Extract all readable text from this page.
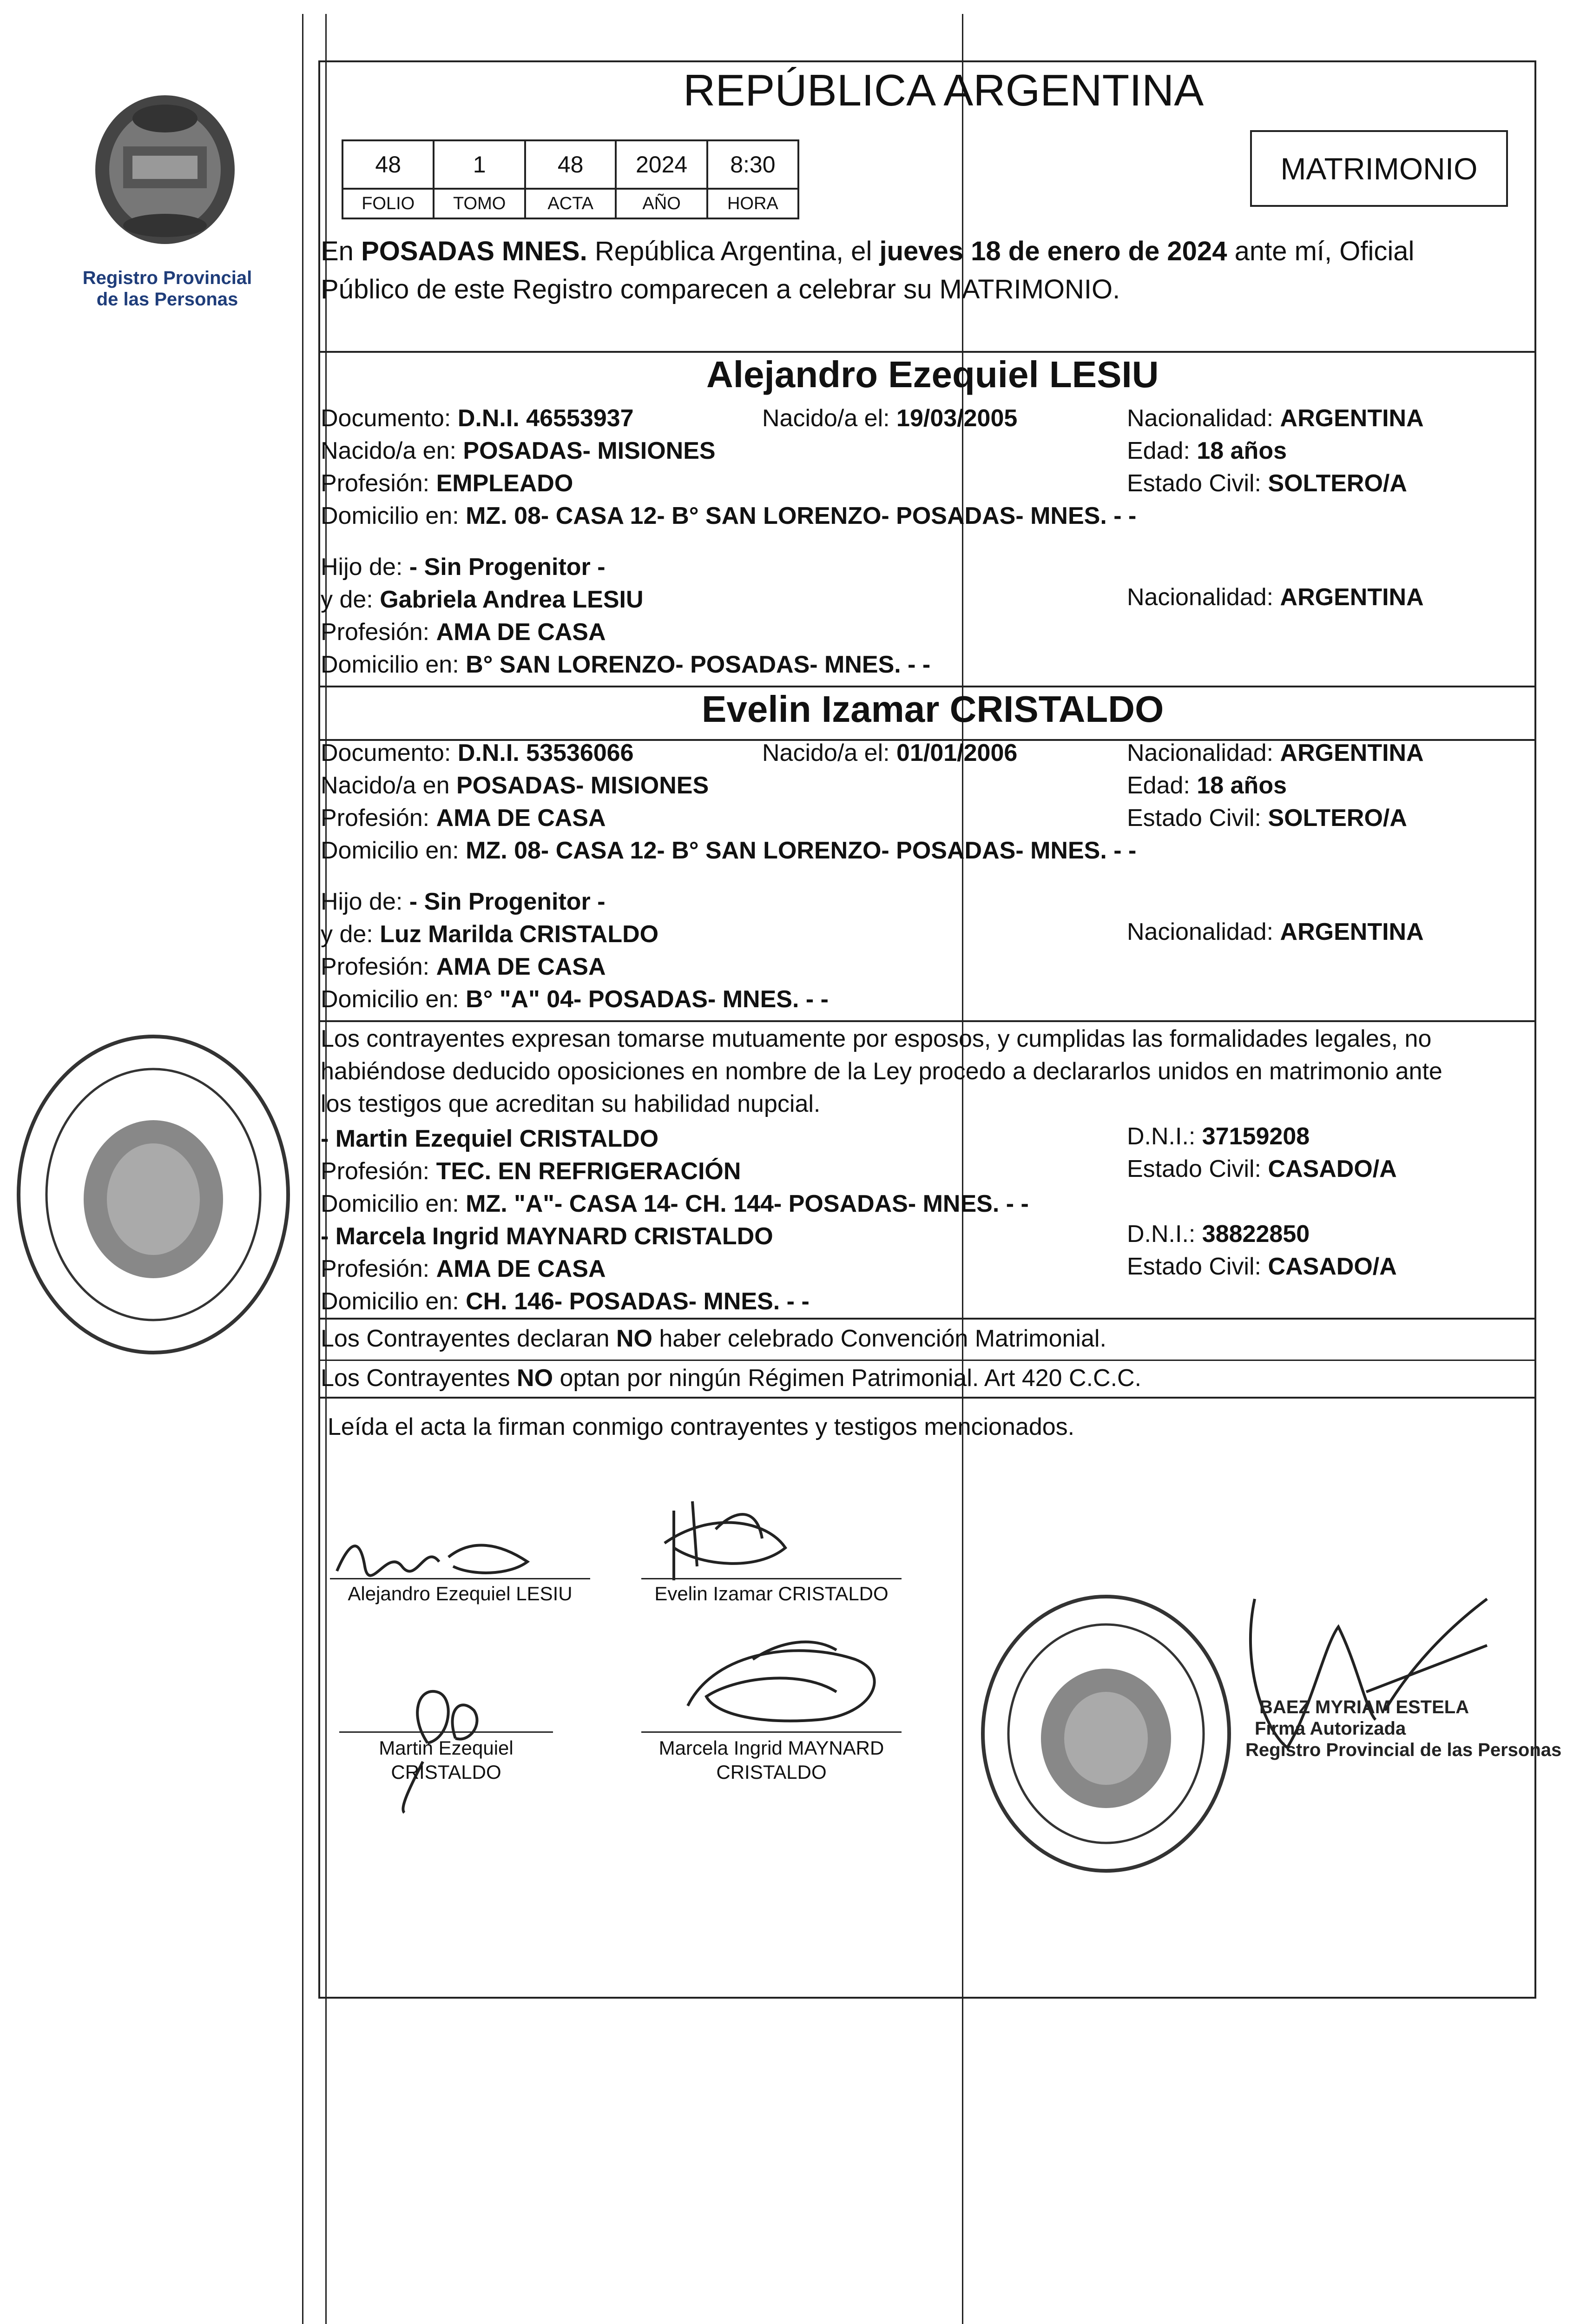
Registro Provincial
de las Personas
REPÚBLICA ARGENTINA
48	1	48	2024	8:30
FOLIO	TOMO	ACTA	AÑO	HORA
MATRIMONIO
En POSADAS MNES. República Argentina, el jueves 18 de enero de 2024 ante mí, Oficial
Público de este Registro comparecen a celebrar su MATRIMONIO.
Alejandro Ezequiel LESIU
Documento: D.N.I. 46553937	Nacido/a el: 19/03/2005	Nacionalidad: ARGENTINA
Nacido/a en: POSADAS- MISIONES	Edad: 18 años
Profesión: EMPLEADO	Estado Civil: SOLTERO/A
Domicilio en: MZ. 08- CASA 12- B° SAN LORENZO- POSADAS- MNES. - -
Hijo de: - Sin Progenitor -
y de: Gabriela Andrea LESIU	Nacionalidad: ARGENTINA
Profesión: AMA DE CASA
Domicilio en: B° SAN LORENZO- POSADAS- MNES. - -
Evelin Izamar CRISTALDO
Documento: D.N.I. 53536066	Nacido/a el: 01/01/2006	Nacionalidad: ARGENTINA
Nacido/a en POSADAS- MISIONES	Edad: 18 años
Profesión: AMA DE CASA	Estado Civil: SOLTERO/A
Domicilio en: MZ. 08- CASA 12- B° SAN LORENZO- POSADAS- MNES. - -
Hijo de: - Sin Progenitor -
y de: Luz Marilda CRISTALDO	Nacionalidad: ARGENTINA
Profesión: AMA DE CASA
Domicilio en: B° "A" 04- POSADAS- MNES. - -
Los contrayentes expresan tomarse mutuamente por esposos, y cumplidas las formalidades legales, no
habiéndose deducido oposiciones en nombre de la Ley procedo a declararlos unidos en matrimonio ante
los testigos que acreditan su habilidad nupcial.
- Martin Ezequiel CRISTALDO	D.N.I.: 37159208
Profesión: TEC. EN REFRIGERACIÓN	Estado Civil: CASADO/A
Domicilio en: MZ. "A"- CASA 14- CH. 144- POSADAS- MNES. - -
- Marcela Ingrid MAYNARD CRISTALDO	D.N.I.: 38822850
Profesión: AMA DE CASA	Estado Civil: CASADO/A
Domicilio en: CH. 146- POSADAS- MNES. - -
Los Contrayentes declaran NO haber celebrado Convención Matrimonial.
Los Contrayentes NO optan por ningún Régimen Patrimonial. Art 420 C.C.C.
Leída el acta la firman conmigo contrayentes y testigos mencionados.
Alejandro Ezequiel LESIU	Evelin Izamar CRISTALDO
Martin Ezequiel
CRISTALDO
Marcela Ingrid MAYNARD
CRISTALDO
BAEZ MYRIAM ESTELA
Firma Autorizada
Registro Provincial de las Personas
